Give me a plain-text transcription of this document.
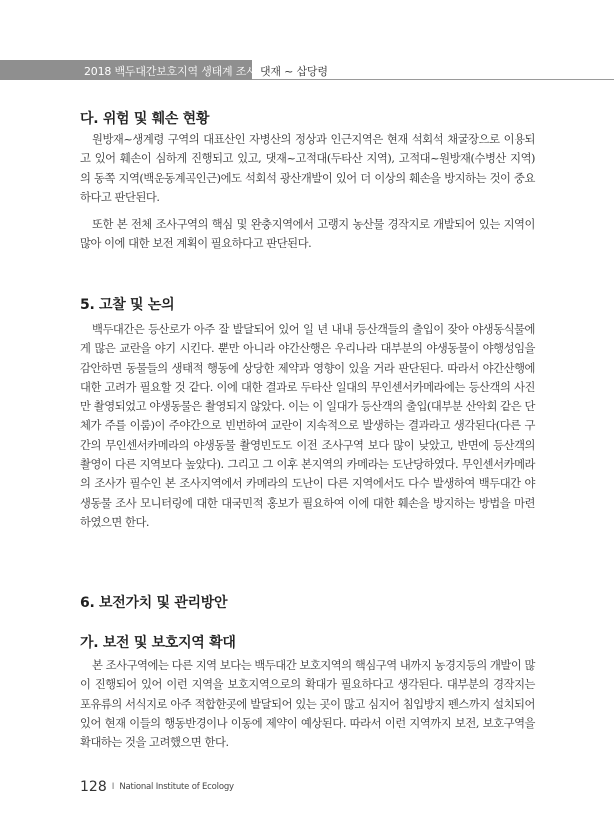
2018 백두대간보호지역 생태계 조사 댓재 ~ 삽당령
다. 위험 및 훼손 현황

원방재~생계령 구역의 대표산인 자병산의 정상과 인근지역은 현재 석회석 채굴장으로 이용되고 있어 훼손이 심하게 진행되고 있고, 댓재~고적대(두타산 지역), 고적대~원방재(수병산 지역)의 동쪽 지역(백운동계곡인근)에도 석회석 광산개발이 있어 더 이상의 훼손을 방지하는 것이 중요하다고 판단된다.

또한 본 전체 조사구역의 핵심 및 완충지역에서 고랭지 농산물 경작지로 개발되어 있는 지역이 많아 이에 대한 보전 계획이 필요하다고 판단된다.

5. 고찰 및 논의

백두대간은 등산로가 아주 잘 발달되어 있어 일 년 내내 등산객들의 출입이 잦아 야생동식물에게 많은 교란을 야기 시킨다. 뿐만 아니라 야간산행은 우리나라 대부분의 야생동물이 야행성임을 감안하면 동물들의 생태적 행동에 상당한 제약과 영향이 있을 거라 판단된다. 따라서 야간산행에 대한 고려가 필요할 것 같다. 이에 대한 결과로 두타산 일대의 무인센서카메라에는 등산객의 사진만 촬영되었고 야생동물은 촬영되지 않았다. 이는 이 일대가 등산객의 출입(대부분 산악회 같은 단체가 주를 이룸)이 주야간으로 빈번하여 교란이 지속적으로 발생하는 결과라고 생각된다(다른 구간의 무인센서카메라의 야생동물 촬영빈도도 이전 조사구역 보다 많이 낮았고, 반면에 등산객의 촬영이 다른 지역보다 높았다). 그리고 그 이후 본지역의 카메라는 도난당하였다. 무인센서카메라의 조사가 필수인 본 조사지역에서 카메라의 도난이 다른 지역에서도 다수 발생하여 백두대간 야생동물 조사 모니터링에 대한 대국민적 홍보가 필요하여 이에 대한 훼손을 방지하는 방법을 마련하였으면 한다.

6. 보전가치 및 관리방안
가. 보전 및 보호지역 확대

본 조사구역에는 다른 지역 보다는 백두대간 보호지역의 핵심구역 내까지 농경지등의 개발이 많이 진행되어 있어 이런 지역을 보호지역으로의 확대가 필요하다고 생각된다. 대부분의 경작지는 포유류의 서식지로 아주 적합한곳에 발달되어 있는 곳이 많고 심지어 침입방지 펜스까지 설치되어 있어 현재 이들의 행동반경이나 이동에 제약이 예상된다. 따라서 이런 지역까지 보전, 보호구역을 확대하는 것을 고려했으면 한다.

128 I National Institute of Ecology
